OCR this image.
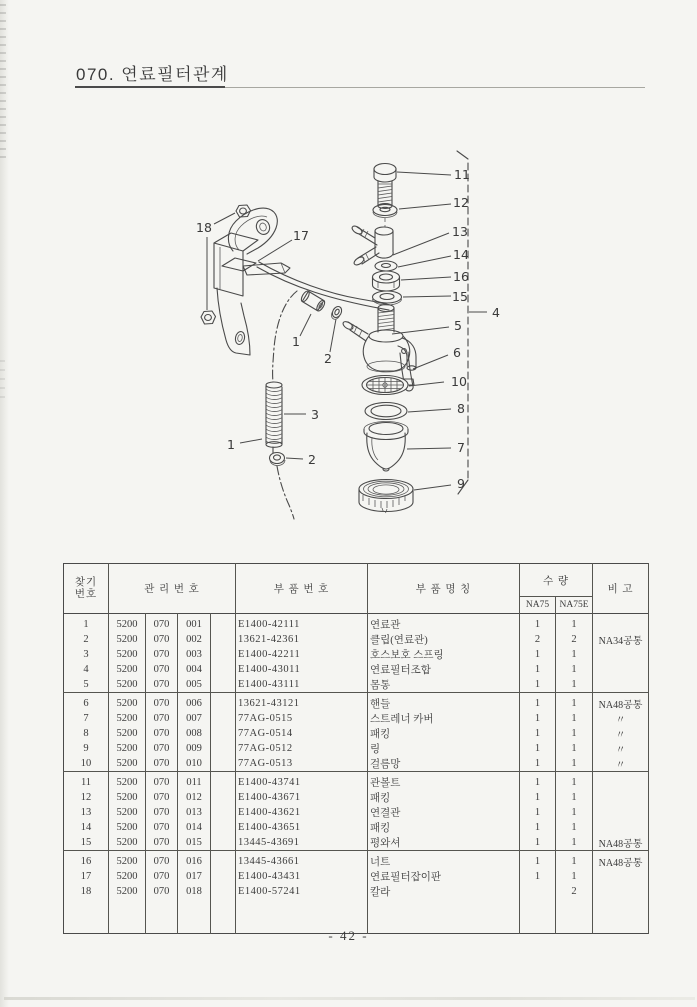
070. 연료필터관계
11
12
13
14
16
15
4
5
6
10
8
7
9
18
17
1
2
3
1
2
찾기
번호	관 리 번 호				부 품 번 호	부 품 명 칭	수 량		비 고
							NA75	NA75E	
1	5200	070	001		E1400-42111	연료관	1	1	
2	5200	070	002		13621-42361	클립(연료관)	2	2	NA34공통
3	5200	070	003		E1400-42211	호스보호 스프링	1	1	
4	5200	070	004		E1400-43011	연료필터조합	1	1	
5	5200	070	005		E1400-43111	몸통	1	1	
6	5200	070	006		13621-43121	핸들	1	1	NA48공통
7	5200	070	007		77AG-0515	스트레너 카버	1	1	〃
8	5200	070	008		77AG-0514	패킹	1	1	〃
9	5200	070	009		77AG-0512	링	1	1	〃
10	5200	070	010		77AG-0513	걸름망	1	1	〃
11	5200	070	011		E1400-43741	관볼트	1	1	
12	5200	070	012		E1400-43671	패킹	1	1	
13	5200	070	013		E1400-43621	연결관	1	1	
14	5200	070	014		E1400-43651	패킹	1	1	
15	5200	070	015		13445-43691	평와셔	1	1	NA48공통
16	5200	070	016		13445-43661	너트	1	1	NA48공통
17	5200	070	017		E1400-43431	연료필터잡이판	1	1	
18	5200	070	018		E1400-57241	칼라		2	

- 42 -
